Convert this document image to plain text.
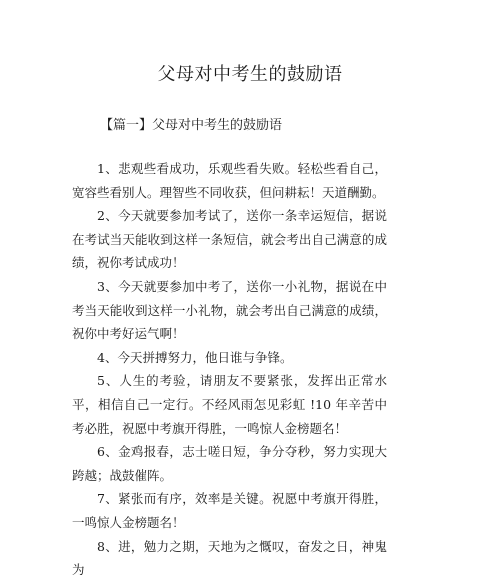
父母对中考生的鼓励语
【篇一】父母对中考生的鼓励语

1、悲观些看成功，乐观些看失败。轻松些看自己，宽容些看别人。理智些不同收获，但问耕耘！天道酬勤。

2、今天就要参加考试了，送你一条幸运短信，据说在考试当天能收到这样一条短信，就会考出自己满意的成绩，祝你考试成功！

3、今天就要参加中考了，送你一小礼物，据说在中考当天能收到这样一小礼物，就会考出自己满意的成绩，祝你中考好运气啊！

4、今天拼搏努力，他日谁与争锋。

5、人生的考验，请朋友不要紧张，发挥出正常水平，相信自己一定行。不经风雨怎见彩虹 !10 年辛苦中考必胜，祝愿中考旗开得胜，一鸣惊人金榜题名！

6、金鸡报春，志士嗟日短，争分夺秒，努力实现大跨越；战鼓催阵。

7、紧张而有序，效率是关键。祝愿中考旗开得胜，一鸣惊人金榜题名！

8、进，勉力之期，天地为之慨叹，奋发之日，神鬼为
